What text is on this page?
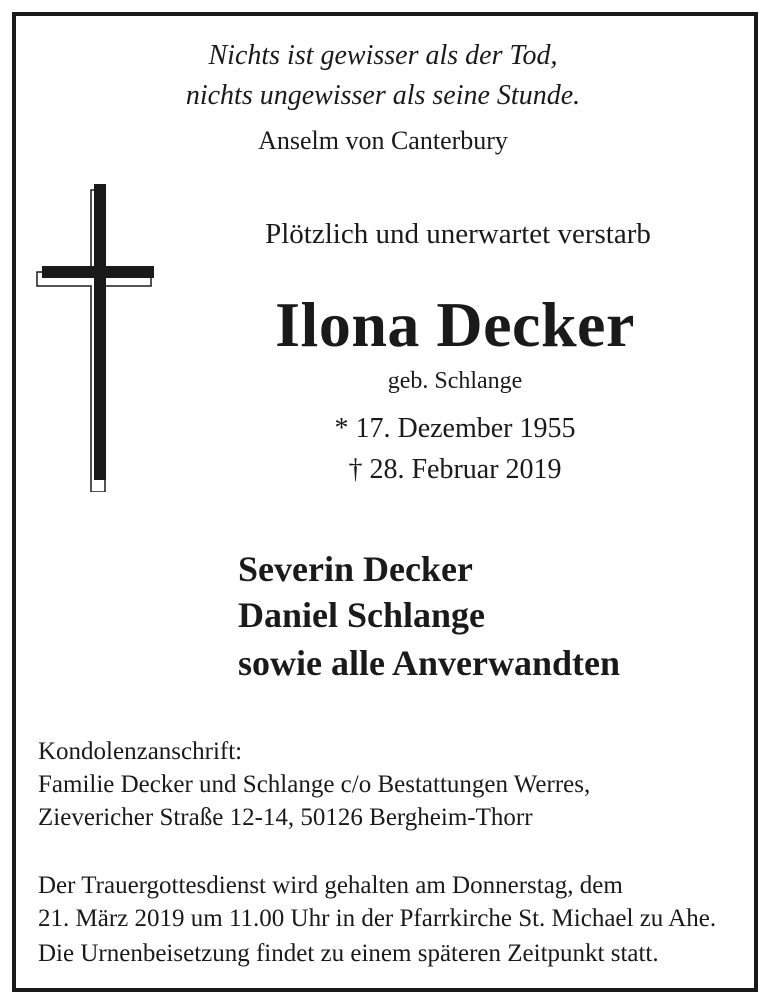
Nichts ist gewisser als der Tod,
nichts ungewisser als seine Stunde.
Anselm von Canterbury
Plötzlich und unerwartet verstarb
Ilona Decker
geb. Schlange
* 17. Dezember 1955
† 28. Februar 2019
Severin Decker
Daniel Schlange
sowie alle Anverwandten
Kondolenzanschrift:
Familie Decker und Schlange c/o Bestattungen Werres,
Zievericher Straße 12-14, 50126 Bergheim-Thorr
Der Trauergottesdienst wird gehalten am Donnerstag, dem
21. März 2019 um 11.00 Uhr in der Pfarrkirche St. Michael zu Ahe.
Die Urnenbeisetzung findet zu einem späteren Zeitpunkt statt.
